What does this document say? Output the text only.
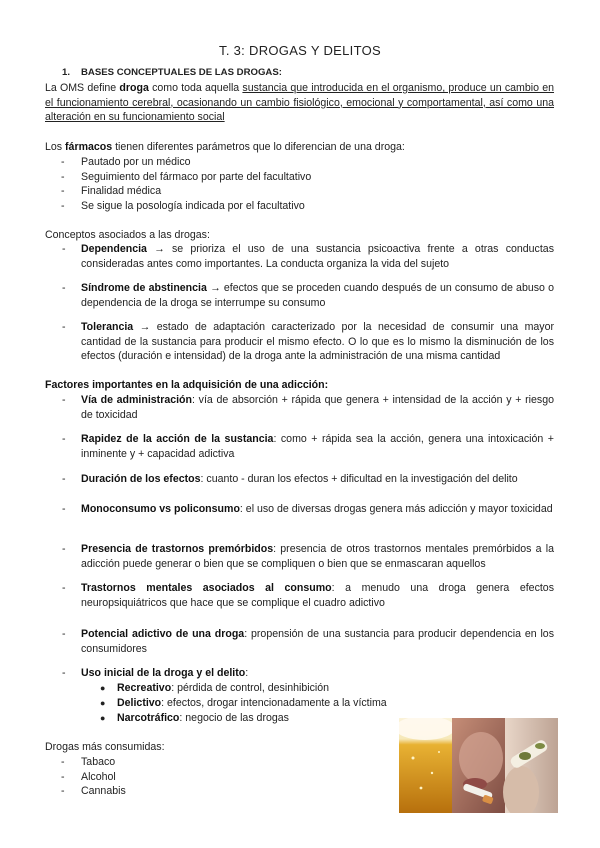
T. 3: DROGAS Y DELITOS
1. BASES CONCEPTUALES DE LAS DROGAS:
La OMS define droga como toda aquella sustancia que introducida en el organismo, produce un cambio en el funcionamiento cerebral, ocasionando un cambio fisiológico, emocional y comportamental, así como una alteración en su funcionamiento social
Los fármacos tienen diferentes parámetros que lo diferencian de una droga:
- Pautado por un médico
- Seguimiento del fármaco por parte del facultativo
- Finalidad médica
- Se sigue la posología indicada por el facultativo
Conceptos asociados a las drogas:
- Dependencia → se prioriza el uso de una sustancia psicoactiva frente a otras conductas consideradas antes como importantes. La conducta organiza la vida del sujeto
- Síndrome de abstinencia → efectos que se proceden cuando después de un consumo de abuso o dependencia de la droga se interrumpe su consumo
- Tolerancia → estado de adaptación caracterizado por la necesidad de consumir una mayor cantidad de la sustancia para producir el mismo efecto. O lo que es lo mismo la disminución de los efectos (duración e intensidad) de la droga ante la administración de una misma cantidad
Factores importantes en la adquisición de una adicción:
- Vía de administración: vía de absorción + rápida que genera + intensidad de la acción y + riesgo de toxicidad
- Rapidez de la acción de la sustancia: como + rápida sea la acción, genera una intoxicación + inminente y + capacidad adictiva
- Duración de los efectos: cuanto - duran los efectos + dificultad en la investigación del delito
- Monoconsumo vs policonsumo: el uso de diversas drogas genera más adicción y mayor toxicidad
- Presencia de trastornos premórbidos: presencia de otros trastornos mentales premórbidos a la adicción puede generar o bien que se compliquen o bien que se enmascaran aquellos
- Trastornos mentales asociados al consumo: a menudo una droga genera efectos neuropsiquiátricos que hace que se complique el cuadro adictivo
- Potencial adictivo de una droga: propensión de una sustancia para producir dependencia en los consumidores
- Uso inicial de la droga y el delito:
● Recreativo: pérdida de control, desinhibición
● Delictivo: efectos, drogar intencionadamente a la víctima
● Narcotráfico: negocio de las drogas
Drogas más consumidas:
- Tabaco
- Alcohol
- Cannabis
